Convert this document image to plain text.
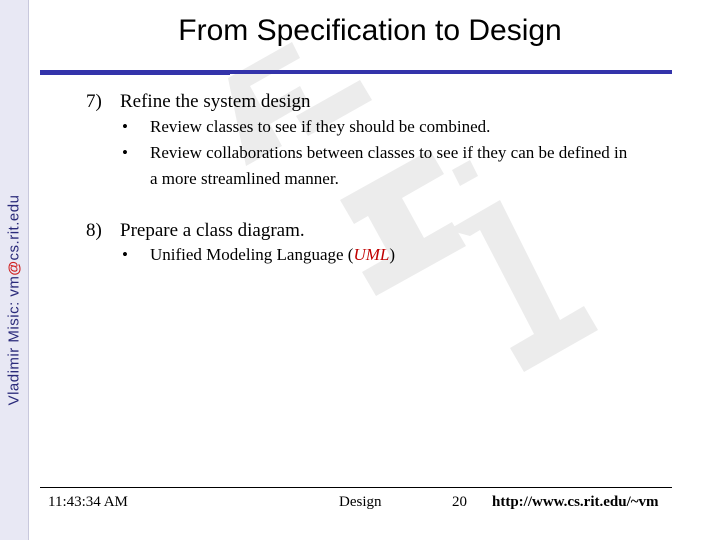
Vladimir Misic: vm@cs.rit.edu
From Specification to Design
7) Refine the system design
• Review classes to see if they should be combined.
• Review collaborations between classes to see if they can be defined in
a more streamlined manner.
8) Prepare a class diagram.
• Unified Modeling Language (UML)
11:43:34 AM	Design	20 http://www.cs.rit.edu/~vm
